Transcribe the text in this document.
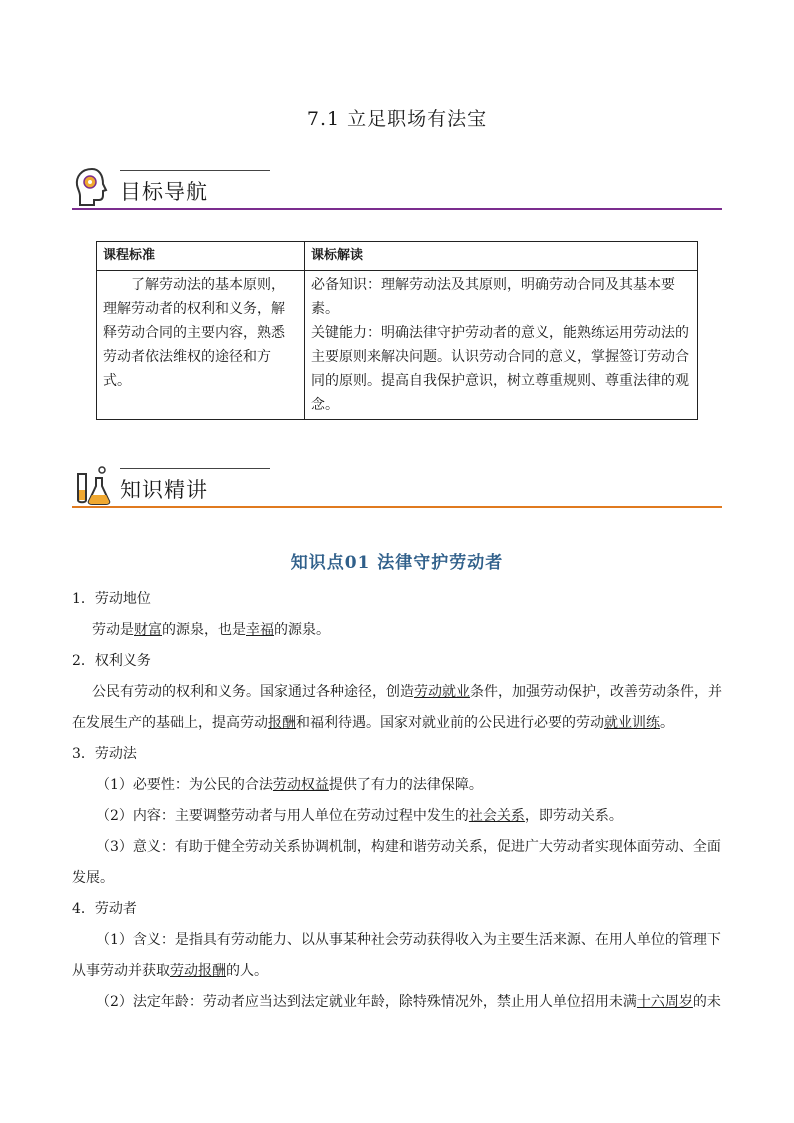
7.1 立足职场有法宝
目标导航
课程标准	课标解读

了解劳动法的基本原则，理解劳动者的权利和义务，解释劳动合同的主要内容，熟悉劳动者依法维权的途径和方式。	必备知识：理解劳动法及其原则，明确劳动合同及其基本要素。
关键能力：明确法律守护劳动者的意义，能熟练运用劳动法的主要原则来解决问题。认识劳动合同的意义，掌握签订劳动合同的原则。提高自我保护意识，树立尊重规则、尊重法律的观念。
知识精讲
知识点01 法律守护劳动者

1．劳动地位

劳动是财富的源泉，也是幸福的源泉。

2．权利义务

公民有劳动的权利和义务。国家通过各种途径，创造劳动就业条件，加强劳动保护，改善劳动条件，并在发展生产的基础上，提高劳动报酬和福利待遇。国家对就业前的公民进行必要的劳动就业训练。

3．劳动法

（1）必要性：为公民的合法劳动权益提供了有力的法律保障。

（2）内容：主要调整劳动者与用人单位在劳动过程中发生的社会关系，即劳动关系。

（3）意义：有助于健全劳动关系协调机制，构建和谐劳动关系，促进广大劳动者实现体面劳动、全面发展。

4．劳动者

（1）含义：是指具有劳动能力、以从事某种社会劳动获得收入为主要生活来源、在用人单位的管理下从事劳动并获取劳动报酬的人。

（2）法定年龄：劳动者应当达到法定就业年龄，除特殊情况外，禁止用人单位招用未满十六周岁的未
